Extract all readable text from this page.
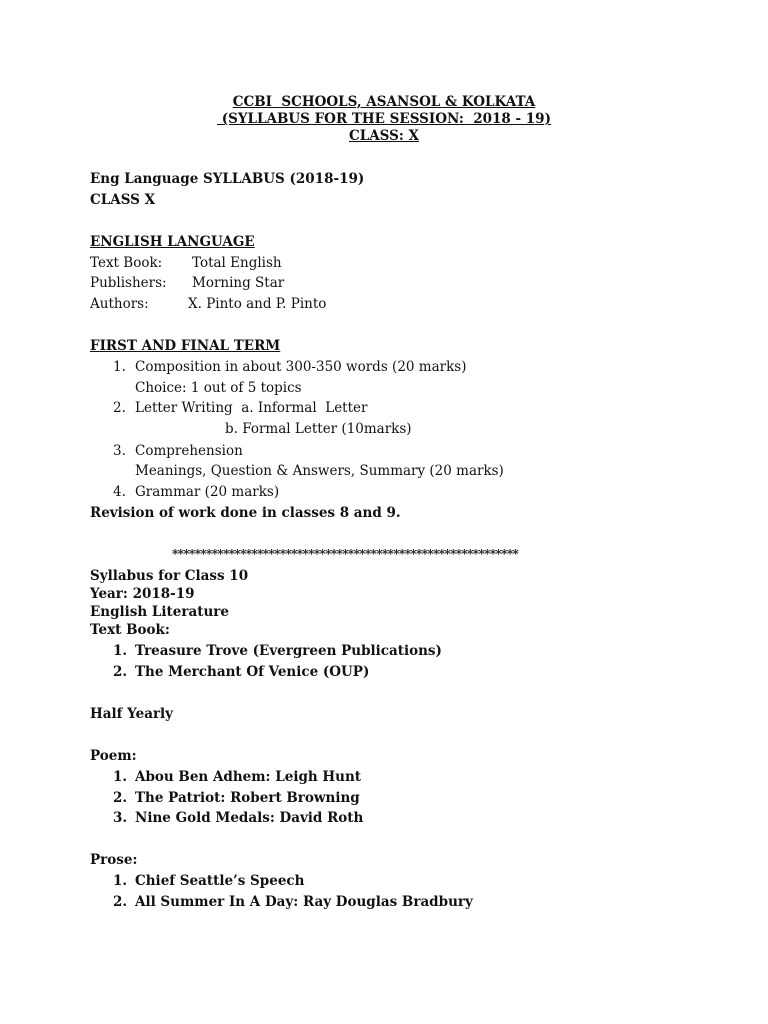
CCBI  SCHOOLS, ASANSOL & KOLKATA
(SYLLABUS FOR THE SESSION:  2018 - 19)
CLASS: X
Eng Language SYLLABUS (2018-19)
CLASS X
ENGLISH LANGUAGE
Text Book: Total English
Publishers: Morning Star
Authors:	X. Pinto and P. Pinto
FIRST AND FINAL TERM
1. Composition in about 300-350 words (20 marks)
Choice: 1 out of 5 topics
2. Letter Writing  a. Informal  Letter
b. Formal Letter (10marks)
3. Comprehension
Meanings, Question & Answers, Summary (20 marks)
4. Grammar (20 marks)
Revision of work done in classes 8 and 9.
*************************************************************
Syllabus for Class 10
Year: 2018-19
English Literature
Text Book:
1. Treasure Trove (Evergreen Publications)
2. The Merchant Of Venice (OUP)
Half Yearly
Poem:
1. Abou Ben Adhem: Leigh Hunt
2. The Patriot: Robert Browning
3. Nine Gold Medals: David Roth
Prose:
1. Chief Seattle’s Speech
2. All Summer In A Day: Ray Douglas Bradbury
